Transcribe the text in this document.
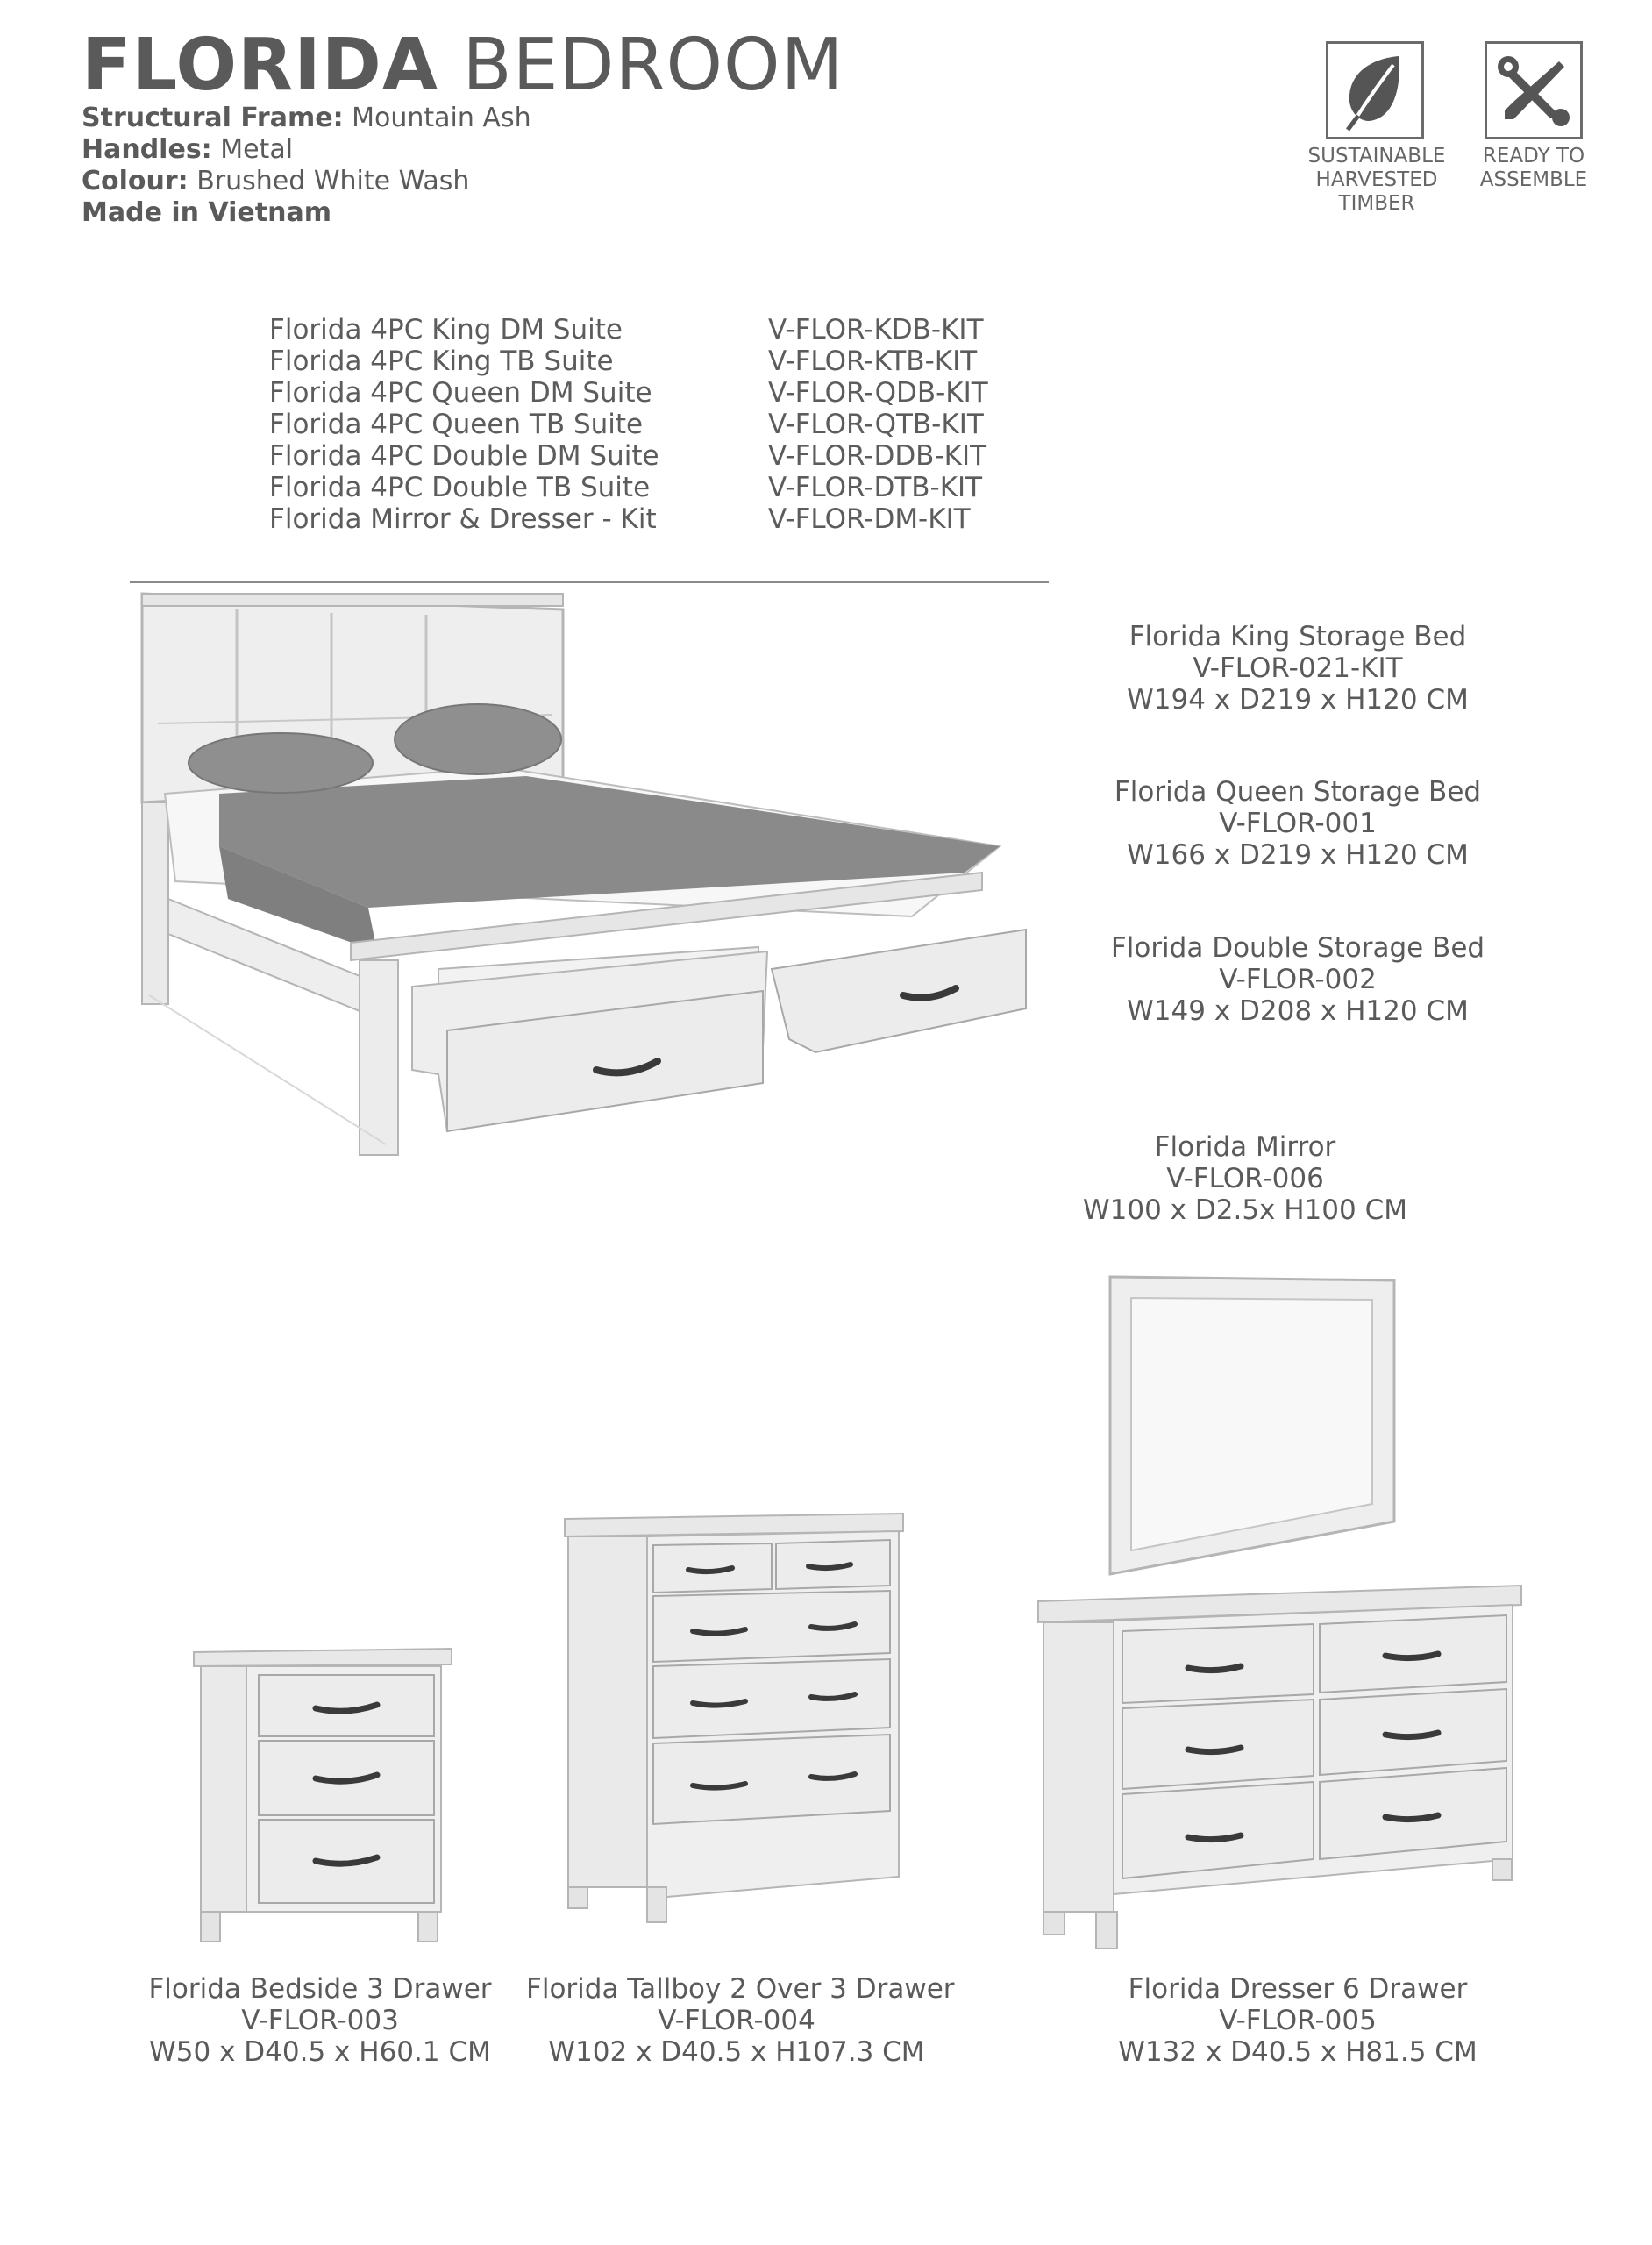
FLORIDA BEDROOM
Structural Frame: Mountain Ash
Handles: Metal
Colour: Brushed White Wash
Made in Vietnam
SUSTAINABLE HARVESTED TIMBER
READY TO ASSEMBLE
Florida 4PC King DM Suite
Florida 4PC King TB Suite
Florida 4PC Queen DM Suite
Florida 4PC Queen TB Suite
Florida 4PC Double DM Suite
Florida 4PC Double TB Suite
Florida Mirror & Dresser - Kit
V-FLOR-KDB-KIT
V-FLOR-KTB-KIT
V-FLOR-QDB-KIT
V-FLOR-QTB-KIT
V-FLOR-DDB-KIT
V-FLOR-DTB-KIT
V-FLOR-DM-KIT
Florida King Storage Bed
V-FLOR-021-KIT
W194 x D219 x H120 CM
Florida Queen Storage Bed
V-FLOR-001
W166 x D219 x H120 CM
Florida Double Storage Bed
V-FLOR-002
W149 x D208 x H120 CM
Florida Mirror
V-FLOR-006
W100 x D2.5x H100 CM
Florida Bedside 3 Drawer
V-FLOR-003
W50 x D40.5 x H60.1 CM
Florida Tallboy 2 Over 3 Drawer
V-FLOR-004
W102 x D40.5 x H107.3 CM
Florida Dresser 6 Drawer
V-FLOR-005
W132 x D40.5 x H81.5 CM
